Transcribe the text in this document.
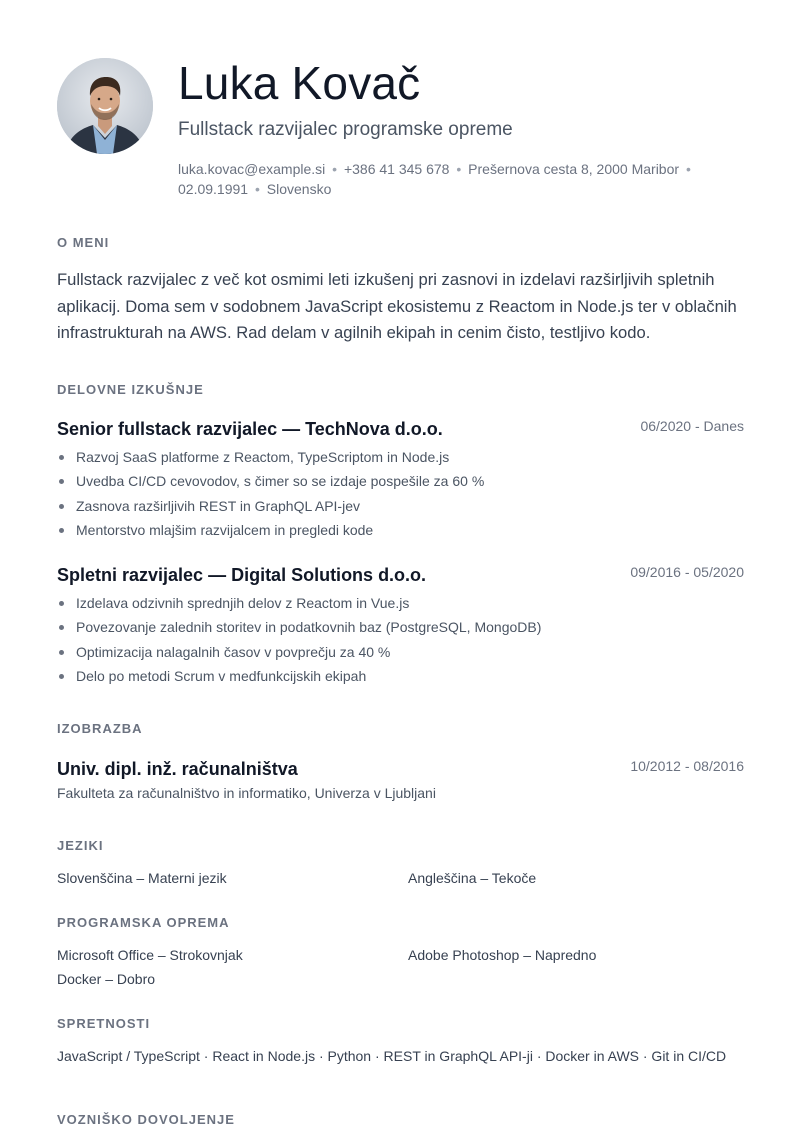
Luka Kovač
Fullstack razvijalec programske opreme
luka.kovac@example.si • +386 41 345 678 • Prešernova cesta 8, 2000 Maribor • 02.09.1991 • Slovensko
O MENI
Fullstack razvijalec z več kot osmimi leti izkušenj pri zasnovi in izdelavi razširljivih spletnih aplikacij. Doma sem v sodobnem JavaScript ekosistemu z Reactom in Node.js ter v oblačnih infrastrukturah na AWS. Rad delam v agilnih ekipah in cenim čisto, testljivo kodo.
DELOVNE IZKUŠNJE
Senior fullstack razvijalec — TechNova d.o.o.	06/2020 - Danes
Razvoj SaaS platforme z Reactom, TypeScriptom in Node.js
Uvedba CI/CD cevovodov, s čimer so se izdaje pospešile za 60 %
Zasnova razširljivih REST in GraphQL API-jev
Mentorstvo mlajšim razvijalcem in pregledi kode
Spletni razvijalec — Digital Solutions d.o.o.	09/2016 - 05/2020
Izdelava odzivnih sprednjih delov z Reactom in Vue.js
Povezovanje zalednih storitev in podatkovnih baz (PostgreSQL, MongoDB)
Optimizacija nalagalnih časov v povprečju za 40 %
Delo po metodi Scrum v medfunkcijskih ekipah
IZOBRAZBA
Univ. dipl. inž. računalništva	10/2012 - 08/2016
Fakulteta za računalništvo in informatiko, Univerza v Ljubljani
JEZIKI
Slovenščina – Materni jezik	Angleščina – Tekoče
PROGRAMSKA OPREMA
Microsoft Office – Strokovnjak	Adobe Photoshop – Napredno
Docker – Dobro
SPRETNOSTI
JavaScript / TypeScript · React in Node.js · Python · REST in GraphQL API-ji · Docker in AWS · Git in CI/CD
VOZNIŠKO DOVOLJENJE
